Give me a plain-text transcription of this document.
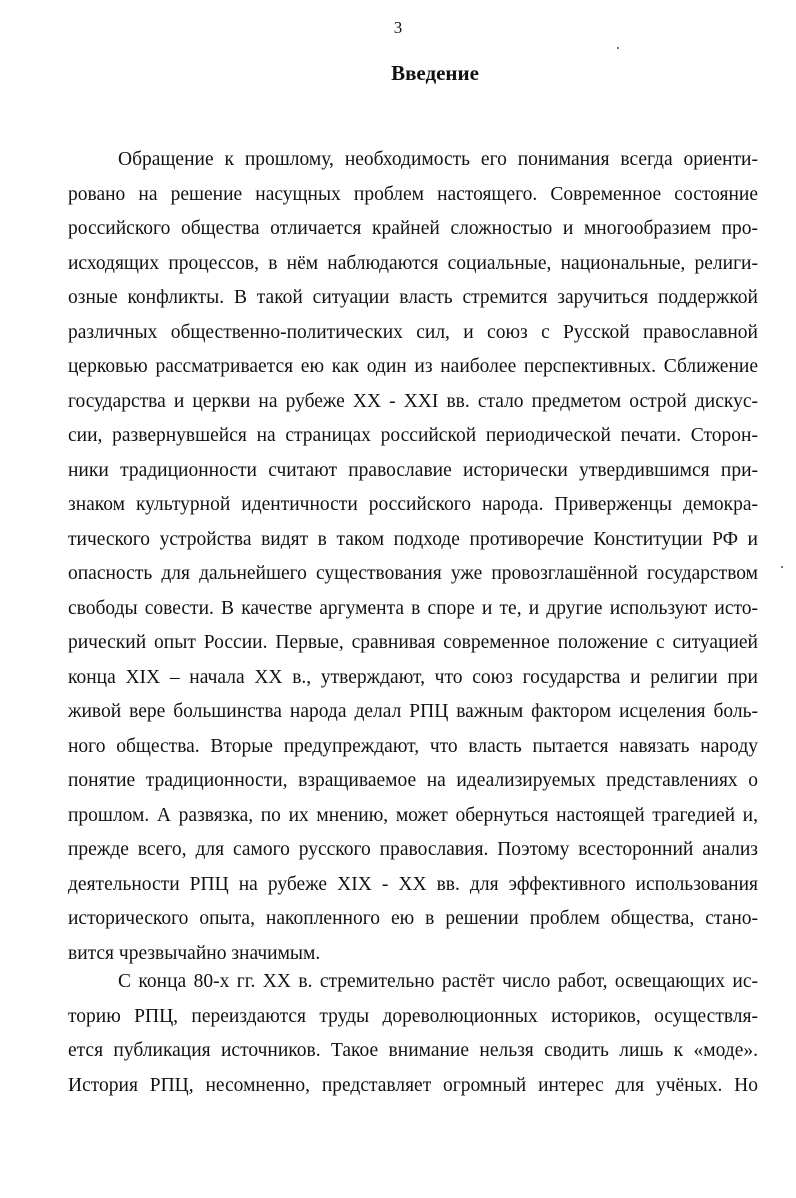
3
Введение
Обращение к прошлому, необходимость его понимания всегда ориенти-
ровано на решение насущных проблем настоящего. Современное состояние
российского общества отличается крайней сложностыо и многообразием про-
исходящих процессов, в нём наблюдаются социальные, национальные, религи-
озные конфликты. В такой ситуации власть стремится заручиться поддержкой
различных общественно-политических сил, и союз с Русской православной
церковью рассматривается ею как один из наиболее перспективных. Сближение
государства и церкви на рубеже XX - XXI вв. стало предметом острой дискус-
сии, развернувшейся на страницах российской периодической печати. Сторон-
ники традиционности считают православие исторически утвердившимся при-
знаком культурной идентичности российского народа. Приверженцы демокра-
тического устройства видят в таком подходе противоречие Конституции РФ и
опасность для дальнейшего существования уже провозглашённой государством
свободы совести. В качестве аргумента в споре и те, и другие используют исто-
рический опыт России. Первые, сравнивая современное положение с ситуацией
конца XIX – начала XX в., утверждают, что союз государства и религии при
живой вере большинства народа делал РПЦ важным фактором исцеления боль-
ного общества. Вторые предупреждают, что власть пытается навязать народу
понятие традиционности, взращиваемое на идеализируемых представлениях о
прошлом. А развязка, по их мнению, может обернуться настоящей трагедией и,
прежде всего, для самого русского православия. Поэтому всесторонний анализ
деятельности РПЦ на рубеже XIX - XX вв. для эффективного использования
исторического опыта, накопленного ею в решении проблем общества, стано-
вится чрезвычайно значимым.
С конца 80-х гг. XX в. стремительно растёт число работ, освещающих ис-
торию РПЦ, переиздаются труды дореволюционных историков, осуществля-
ется публикация источников. Такое внимание нельзя сводить лишь к «моде».
История РПЦ, несомненно, представляет огромный интерес для учёных. Но
